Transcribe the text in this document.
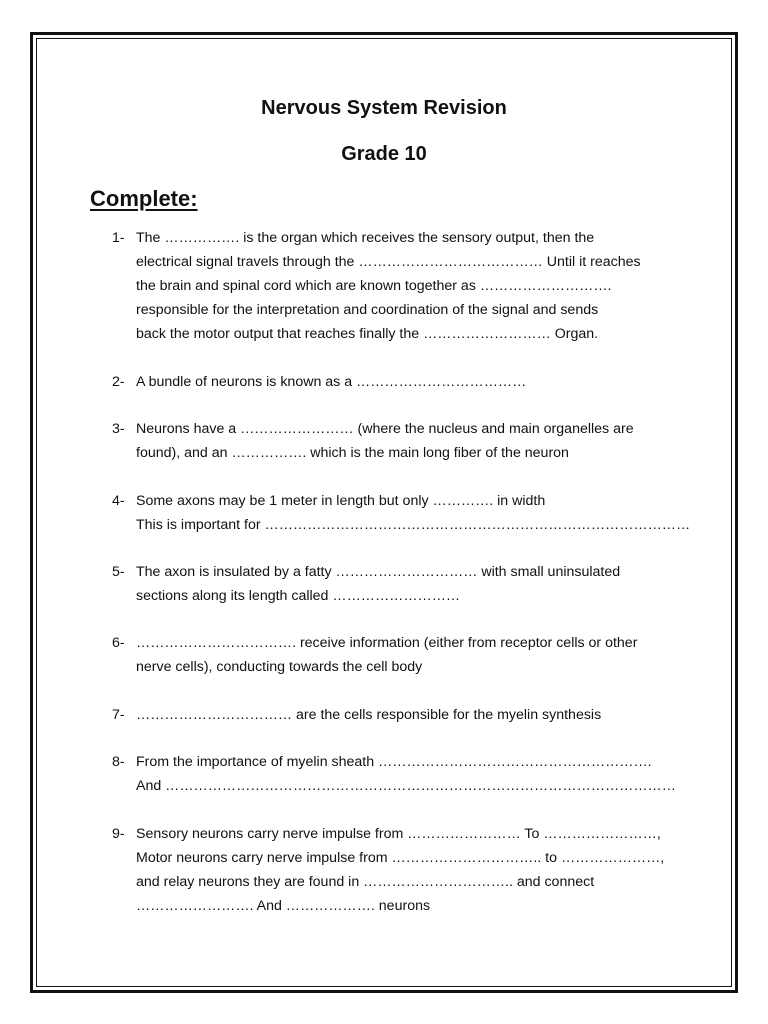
Nervous System Revision
Grade 10
Complete:
1- The ……………. is the organ which receives the sensory output, then the
electrical signal travels through the ………………………………… Until it reaches
the brain and spinal cord which are known together as ……………………….
responsible for the interpretation and coordination of the signal and sends
back the motor output that reaches finally the ……………………… Organ.
2- A bundle of neurons is known as a ………………………………
3- Neurons have a …………………… (where the nucleus and main organelles are
found), and an ……………. which is the main long fiber of the neuron
4- Some axons may be 1 meter in length but only …………. in width
This is important for ………………………………………………………………………………
5- The axon is insulated by a fatty ………………………… with small uninsulated
sections along its length called ………………………
6- ……………………………. receive information (either from receptor cells or other
nerve cells), conducting towards the cell body
7- …………………………… are the cells responsible for the myelin synthesis
8- From the importance of myelin sheath ………………………………………………….
And ………………………………………………………………………………………………
9- Sensory neurons carry nerve impulse from …………………… To ……………………,
Motor neurons carry nerve impulse from ………………………….. to …………………,
and relay neurons they are found in ………………………….. and connect
……………………. And ………………. neurons
